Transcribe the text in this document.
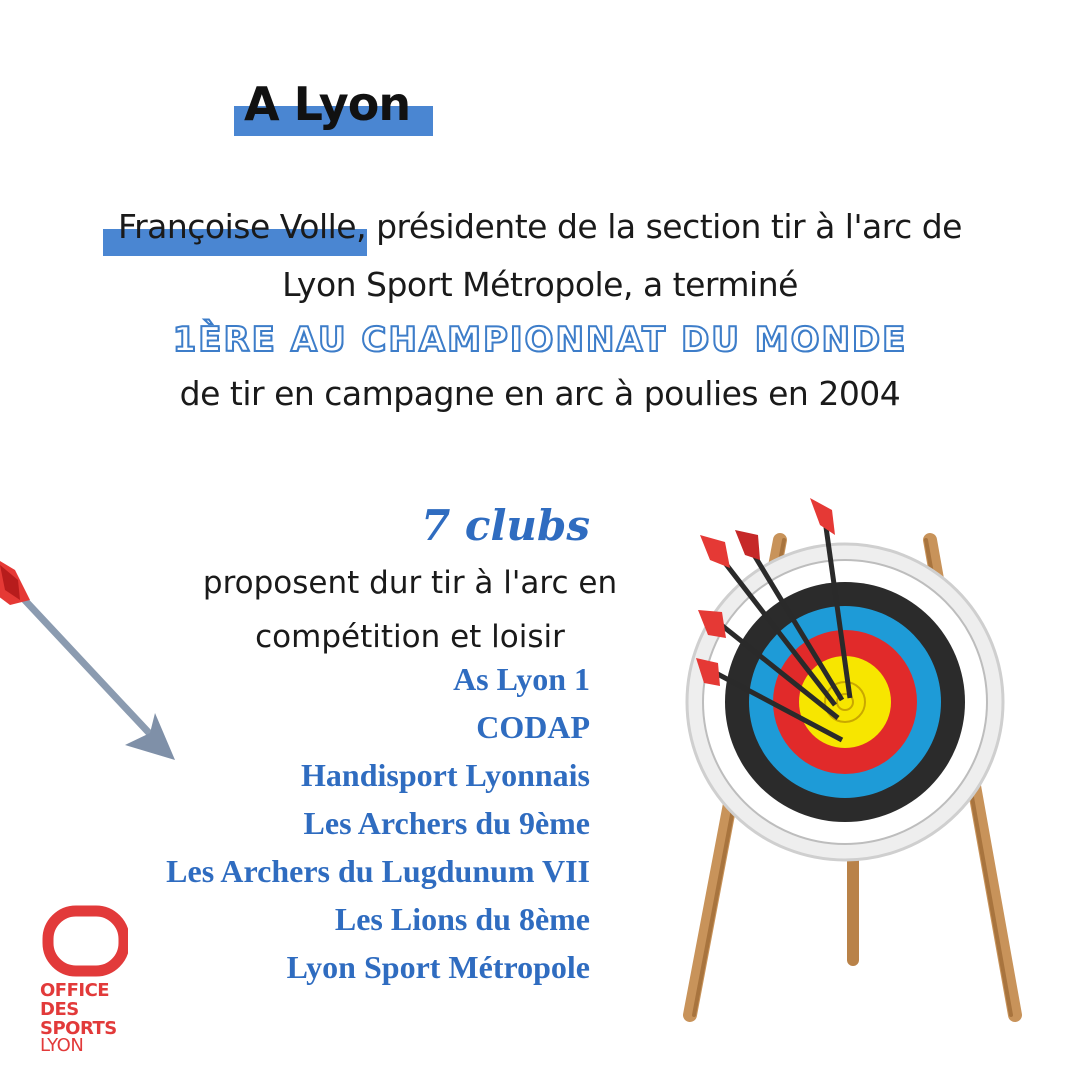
A Lyon
Françoise Volle, présidente de la section tir à l'arc de
Lyon Sport Métropole, a terminé
1ÈRE AU CHAMPIONNAT DU MONDE
de tir en campagne en arc à poulies en 2004
7 clubs
proposent dur tir à l'arc en
compétition et loisir
As Lyon 1
CODAP
Handisport Lyonnais
Les Archers du 9ème
Les Archers du Lugdunum VII
Les Lions du 8ème
Lyon Sport Métropole
OFFICE
DES
SPORTS
LYON
